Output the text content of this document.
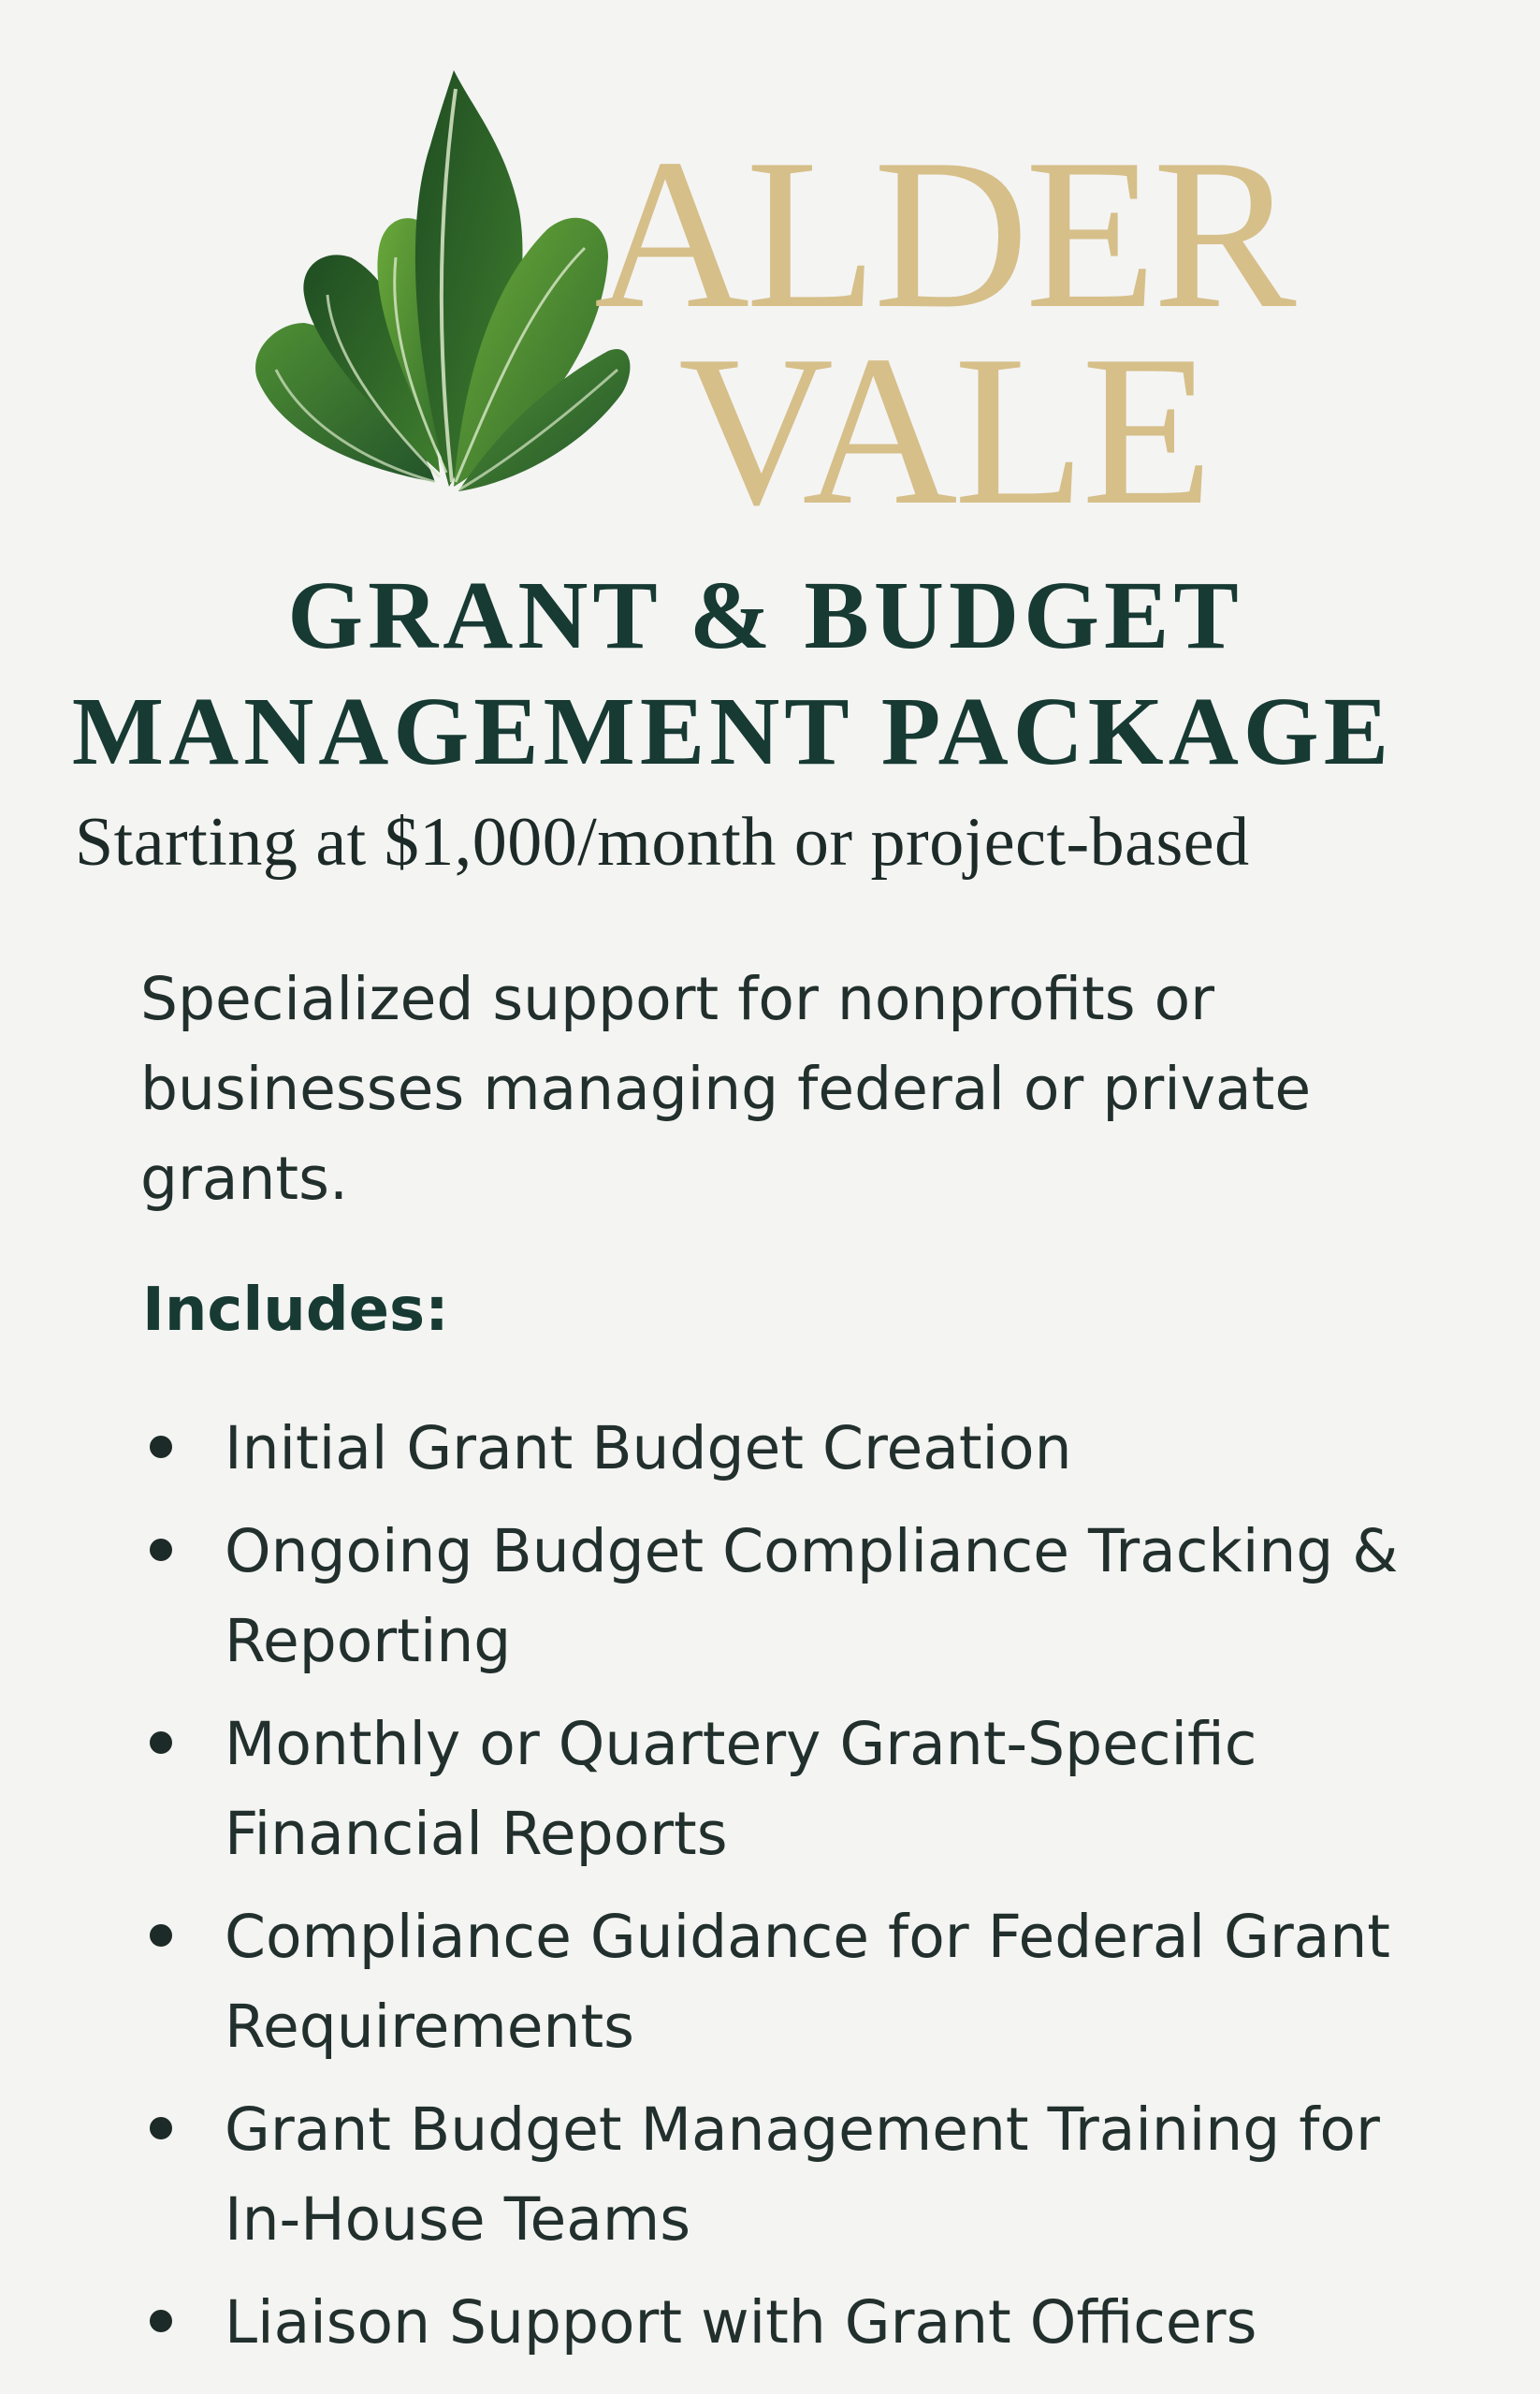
ALDER
VALE
GRANT & BUDGET
MANAGEMENT PACKAGE
Starting at $1,000/month or project-based

Specialized support for nonprofits or businesses managing federal or private grants.

Includes:
Initial Grant Budget Creation
Ongoing Budget Compliance Tracking & Reporting
Monthly or Quartery Grant-Specific Financial Reports
Compliance Guidance for Federal Grant Requirements
Grant Budget Management Training for In-House Teams
Liaison Support with Grant Officers
